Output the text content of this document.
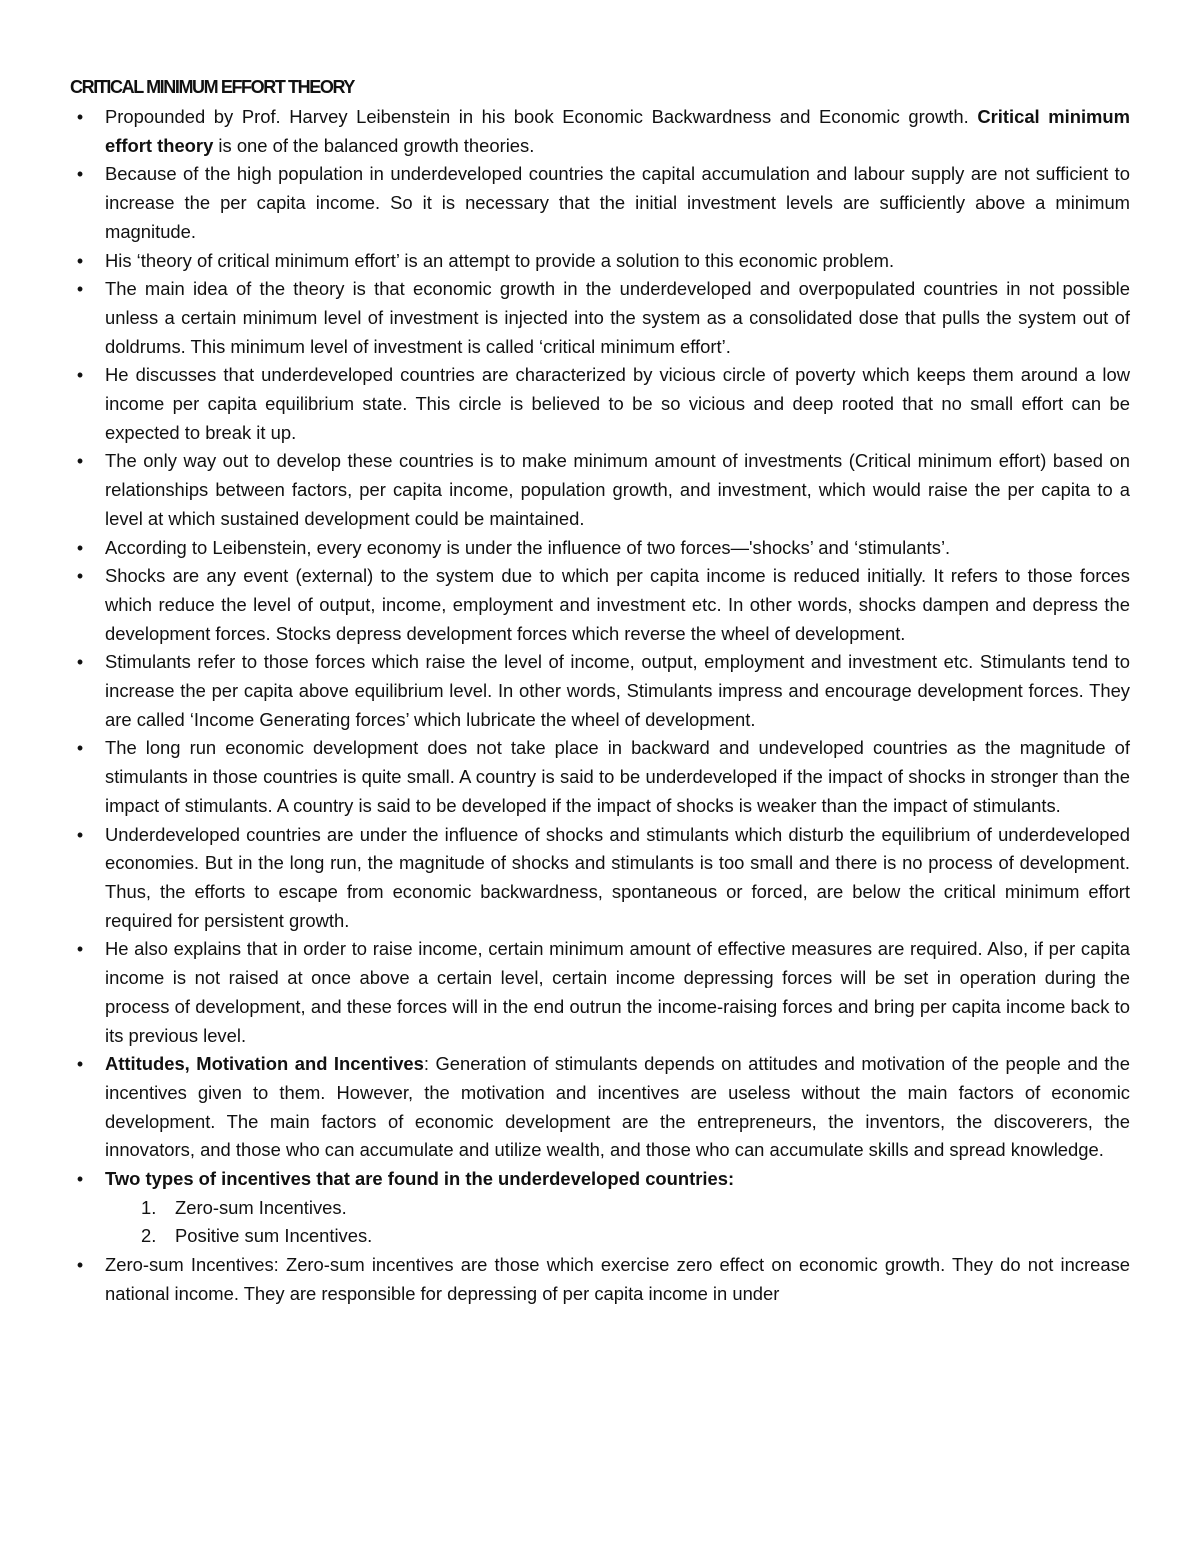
CRITICAL MINIMUM EFFORT THEORY
• Propounded by Prof. Harvey Leibenstein in his book Economic Backwardness and Economic growth. Critical minimum effort theory is one of the balanced growth theories.
• Because of the high population in underdeveloped countries the capital accumulation and labour supply are not sufficient to increase the per capita income. So it is necessary that the initial investment levels are sufficiently above a minimum magnitude.
• His ‘theory of critical minimum effort’ is an attempt to provide a solution to this economic problem.
• The main idea of the theory is that economic growth in the underdeveloped and overpopulated countries in not possible unless a certain minimum level of investment is injected into the system as a consolidated dose that pulls the system out of doldrums. This minimum level of investment is called ‘critical minimum effort’.
• He discusses that underdeveloped countries are characterized by vicious circle of poverty which keeps them around a low income per capita equilibrium state. This circle is believed to be so vicious and deep rooted that no small effort can be expected to break it up.
• The only way out to develop these countries is to make minimum amount of investments (Critical minimum effort) based on relationships between factors, per capita income, population growth, and investment, which would raise the per capita to a level at which sustained development could be maintained.
• According to Leibenstein, every economy is under the influence of two forces—'shocks’ and ‘stimulants’.
• Shocks are any event (external) to the system due to which per capita income is reduced initially. It refers to those forces which reduce the level of output, income, employment and investment etc. In other words, shocks dampen and depress the development forces. Stocks depress development forces which reverse the wheel of development.
• Stimulants refer to those forces which raise the level of income, output, employment and investment etc. Stimulants tend to increase the per capita above equilibrium level. In other words, Stimulants impress and encourage development forces. They are called ‘Income Generating forces’ which lubricate the wheel of development.
• The long run economic development does not take place in backward and undeveloped countries as the magnitude of stimulants in those countries is quite small. A country is said to be underdeveloped if the impact of shocks in stronger than the impact of stimulants. A country is said to be developed if the impact of shocks is weaker than the impact of stimulants.
• Underdeveloped countries are under the influence of shocks and stimulants which disturb the equilibrium of underdeveloped economies. But in the long run, the magnitude of shocks and stimulants is too small and there is no process of development. Thus, the efforts to escape from economic backwardness, spontaneous or forced, are below the critical minimum effort required for persistent growth.
• He also explains that in order to raise income, certain minimum amount of effective measures are required. Also, if per capita income is not raised at once above a certain level, certain income depressing forces will be set in operation during the process of development, and these forces will in the end outrun the income-raising forces and bring per capita income back to its previous level.
• Attitudes, Motivation and Incentives: Generation of stimulants depends on attitudes and motivation of the people and the incentives given to them. However, the motivation and incentives are useless without the main factors of economic development. The main factors of economic development are the entrepreneurs, the inventors, the discoverers, the innovators, and those who can accumulate and utilize wealth, and those who can accumulate skills and spread knowledge.
• Two types of incentives that are found in the underdeveloped countries:
1. Zero-sum Incentives.
2. Positive sum Incentives.
• Zero-sum Incentives: Zero-sum incentives are those which exercise zero effect on economic growth. They do not increase national income. They are responsible for depressing of per capita income in under
